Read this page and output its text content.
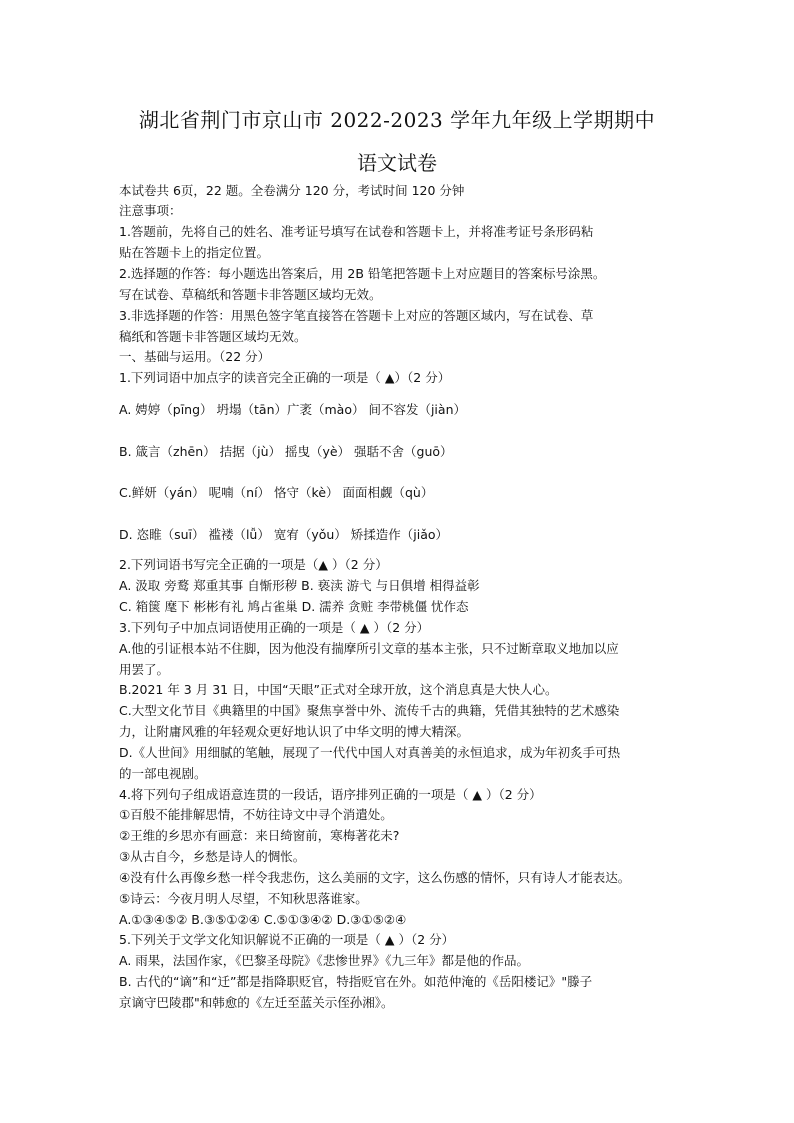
湖北省荆门市京山市 2022-2023 学年九年级上学期期中
语文试卷
本试卷共 6页，22 题。全卷满分 120 分，考试时间 120 分钟
注意事项：
1.答题前，先将自己的姓名、准考证号填写在试卷和答题卡上，并将准考证号条形码粘
贴在答题卡上的指定位置。
2.选择题的作答：每小题选出答案后，用 2B 铅笔把答题卡上对应题目的答案标号涂黑。
写在试卷、草稿纸和答题卡非答题区域均无效。
3.非选择题的作答：用黑色签字笔直接答在答题卡上对应的答题区域内，写在试卷、草
稿纸和答题卡非答题区域均无效。
一、基础与运用。（22 分）
1.下列词语中加点字的读音完全正确的一项是（ ▲）（2 分）
A. 娉婷（pīng） 坍塌（tān）广袤（mào） 间不容发（jiàn）
B. 箴言（zhēn） 拮据（jù） 摇曳（yè） 强聒不舍（guō）
C.鲜妍（yán） 呢喃（ní） 恪守（kè） 面面相觑（qù）
D. 恣睢（suī） 褴褛（lǚ） 宽宥（yǒu） 矫揉造作（jiǎo）
2.下列词语书写完全正确的一项是（▲ ）（2 分）
A. 汲取 旁鹜 郑重其事 自惭形秽 B. 亵渎 游弋 与日俱增 相得益彰
C. 箱箧 麾下 彬彬有礼 鸠占雀巢 D. 濡养 贪赃 李带桃僵 忧作态
3.下列句子中加点词语使用正确的一项是（ ▲ ）（2 分）
A.他的引证根本站不住脚，因为他没有揣摩所引文章的基本主张，只不过断章取义地加以应
用罢了。
B.2021 年 3 月 31 日，中国“天眼”正式对全球开放，这个消息真是大快人心。
C.大型文化节目《典籍里的中国》聚焦享誉中外、流传千古的典籍，凭借其独特的艺术感染
力，让附庸风雅的年轻观众更好地认识了中华文明的博大精深。
D.《人世间》用细腻的笔触，展现了一代代中国人对真善美的永恒追求，成为年初炙手可热
的一部电视剧。
4.将下列句子组成语意连贯的一段话，语序排列正确的一项是（ ▲ ）（2 分）
①百般不能排解思情，不妨往诗文中寻个消遣处。
②王维的乡思亦有画意：来日绮窗前，寒梅著花未?
③从古自今，乡愁是诗人的惆怅。
④没有什么再像乡愁一样令我悲伤，这么美丽的文字，这么伤感的情怀，只有诗人才能表达。
⑤诗云：今夜月明人尽望，不知秋思落谁家。
A.①③④⑤② B.③⑤①②④ C.⑤①③④② D.③①⑤②④
5.下列关于文学文化知识解说不正确的一项是（ ▲ ）（2 分）
A. 雨果，法国作家，《巴黎圣母院》《悲惨世界》《九三年》都是他的作品。
B. 古代的“谪”和“迁”都是指降职贬官，特指贬官在外。如范仲淹的《岳阳楼记》"滕子
京谪守巴陵郡"和韩愈的《左迁至蓝关示侄孙湘》。
